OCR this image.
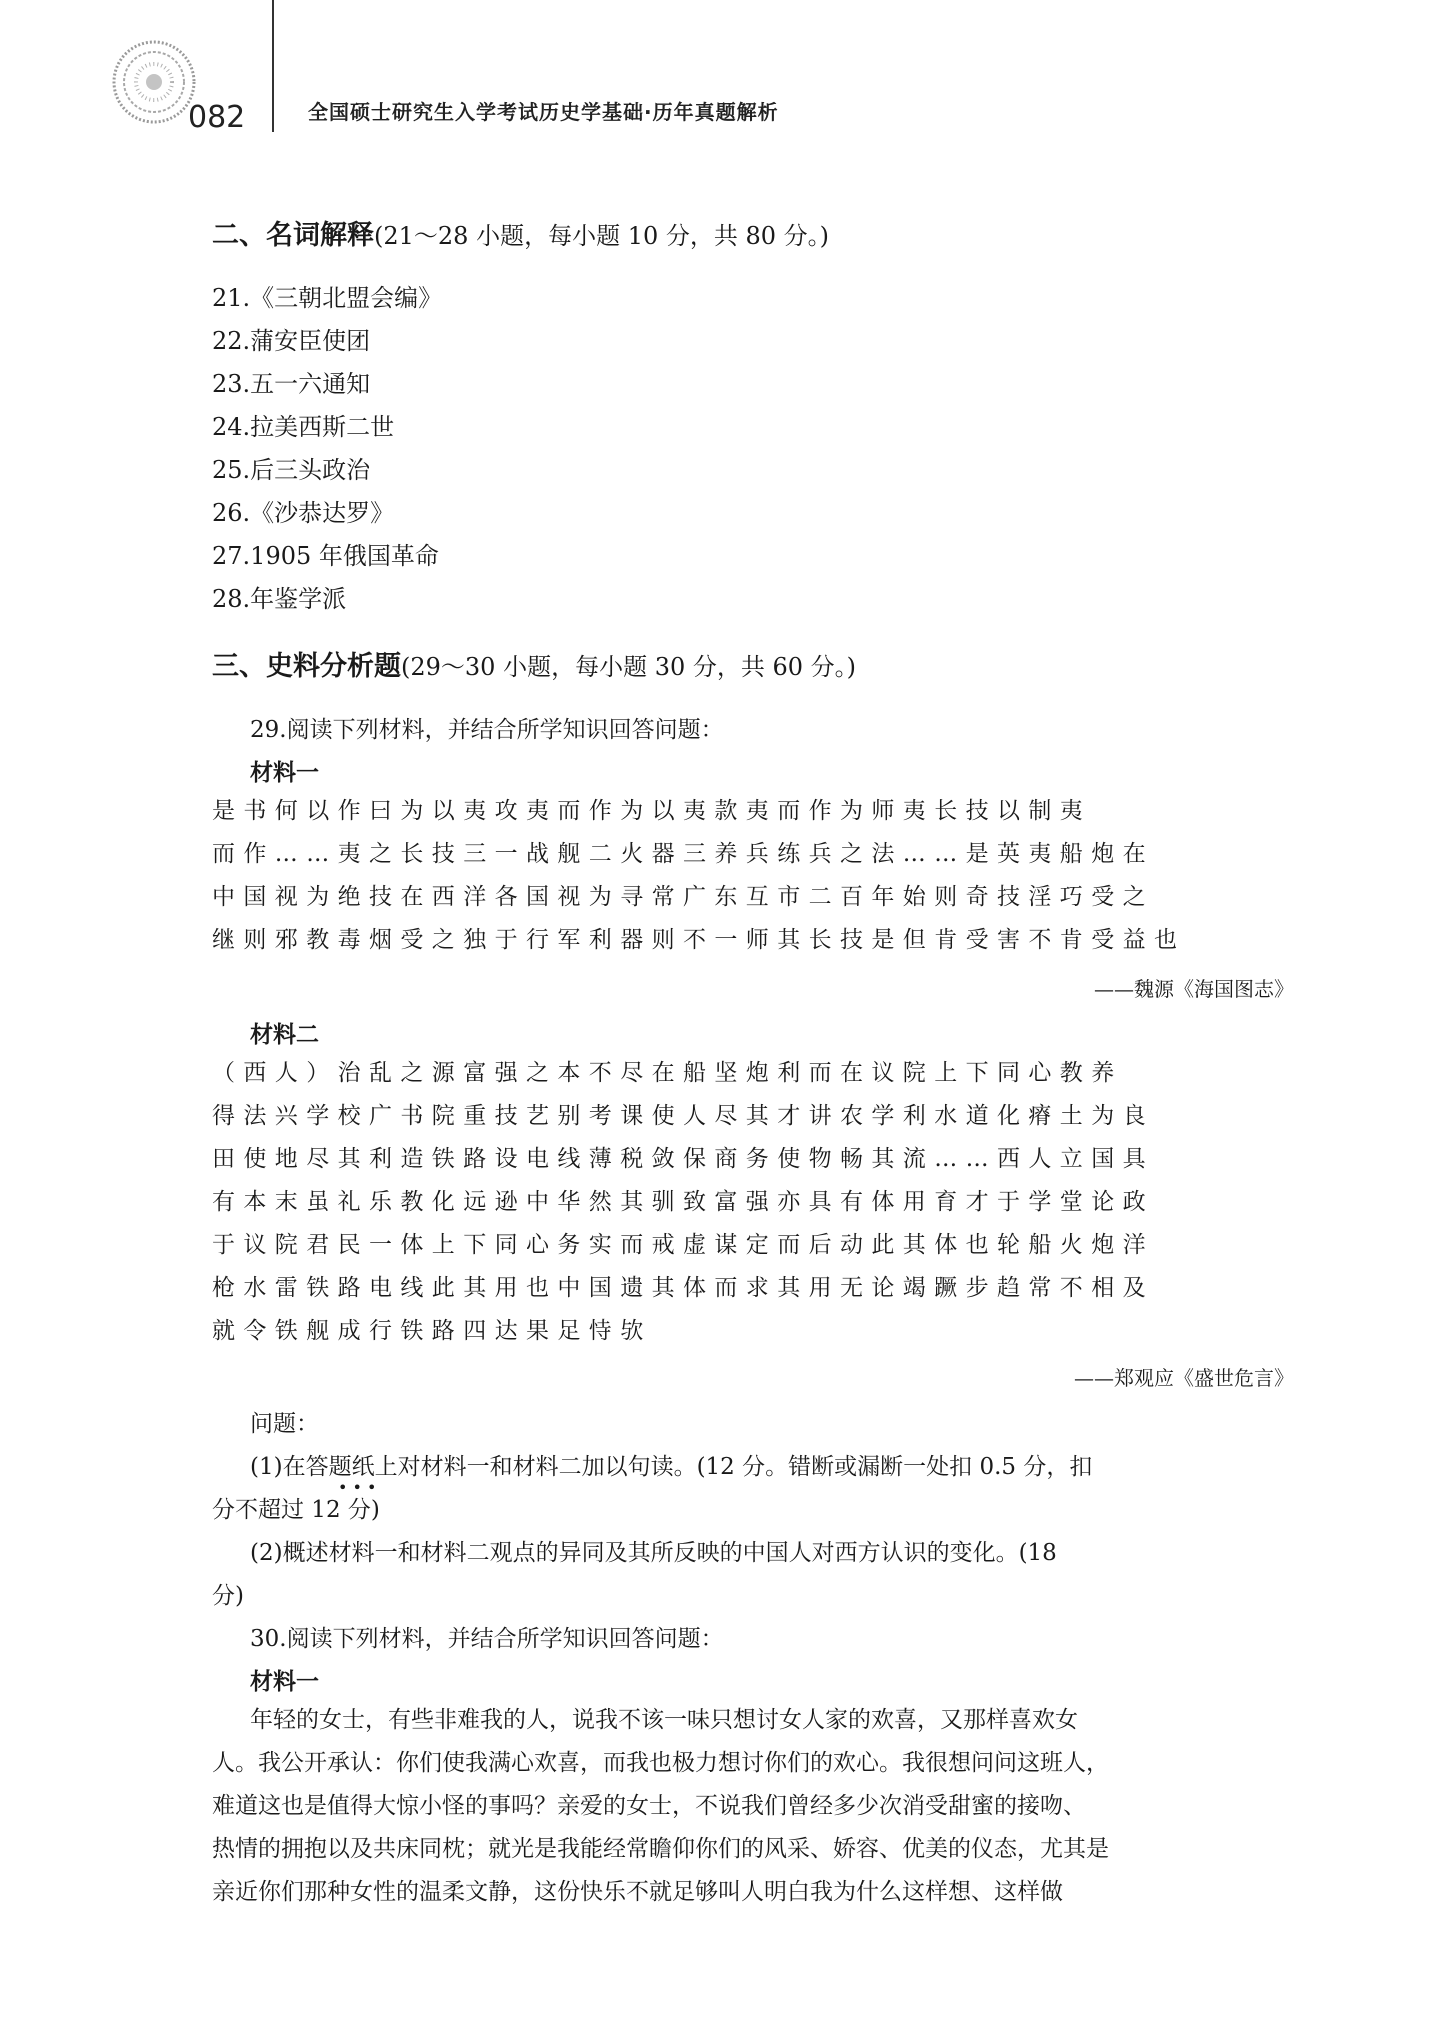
082	全国硕士研究生入学考试历史学基础·历年真题解析
二、名词解释(21～28 小题，每小题 10 分，共 80 分。)
21.《三朝北盟会编》
22.蒲安臣使团
23.五一六通知
24.拉美西斯二世
25.后三头政治
26.《沙恭达罗》
27.1905 年俄国革命
28.年鉴学派
三、史料分析题(29～30 小题，每小题 30 分，共 60 分。)
29.阅读下列材料，并结合所学知识回答问题：
材料一

是书何以作曰为以夷攻夷而作为以夷款夷而作为师夷长技以制夷

而作……夷之长技三一战舰二火器三养兵练兵之法……是英夷船炮在

中国视为绝技在西洋各国视为寻常广东互市二百年始则奇技淫巧受之

继则邪教毒烟受之独于行军利器则不一师其长技是但肯受害不肯受益也

——魏源《海国图志》
材料二

（西人）治乱之源富强之本不尽在船坚炮利而在议院上下同心教养

得法兴学校广书院重技艺别考课使人尽其才讲农学利水道化瘠土为良

田使地尽其利造铁路设电线薄税敛保商务使物畅其流……西人立国具

有本末虽礼乐教化远逊中华然其驯致富强亦具有体用育才于学堂论政

于议院君民一体上下同心务实而戒虚谋定而后动此其体也轮船火炮洋

枪水雷铁路电线此其用也中国遗其体而求其用无论竭蹶步趋常不相及

就令铁舰成行铁路四达果足恃欤

——郑观应《盛世危言》
问题：
(1)在答题纸上对材料一和材料二加以句读。(12 分。错断或漏断一处扣 0.5 分，扣
• • •
分不超过 12 分)
(2)概述材料一和材料二观点的异同及其所反映的中国人对西方认识的变化。(18
分)
30.阅读下列材料，并结合所学知识回答问题：
材料一

年轻的女士，有些非难我的人，说我不该一味只想讨女人家的欢喜，又那样喜欢女

人。我公开承认：你们使我满心欢喜，而我也极力想讨你们的欢心。我很想问问这班人，

难道这也是值得大惊小怪的事吗？亲爱的女士，不说我们曾经多少次消受甜蜜的接吻、

热情的拥抱以及共床同枕；就光是我能经常瞻仰你们的风采、娇容、优美的仪态，尤其是

亲近你们那种女性的温柔文静，这份快乐不就足够叫人明白我为什么这样想、这样做
